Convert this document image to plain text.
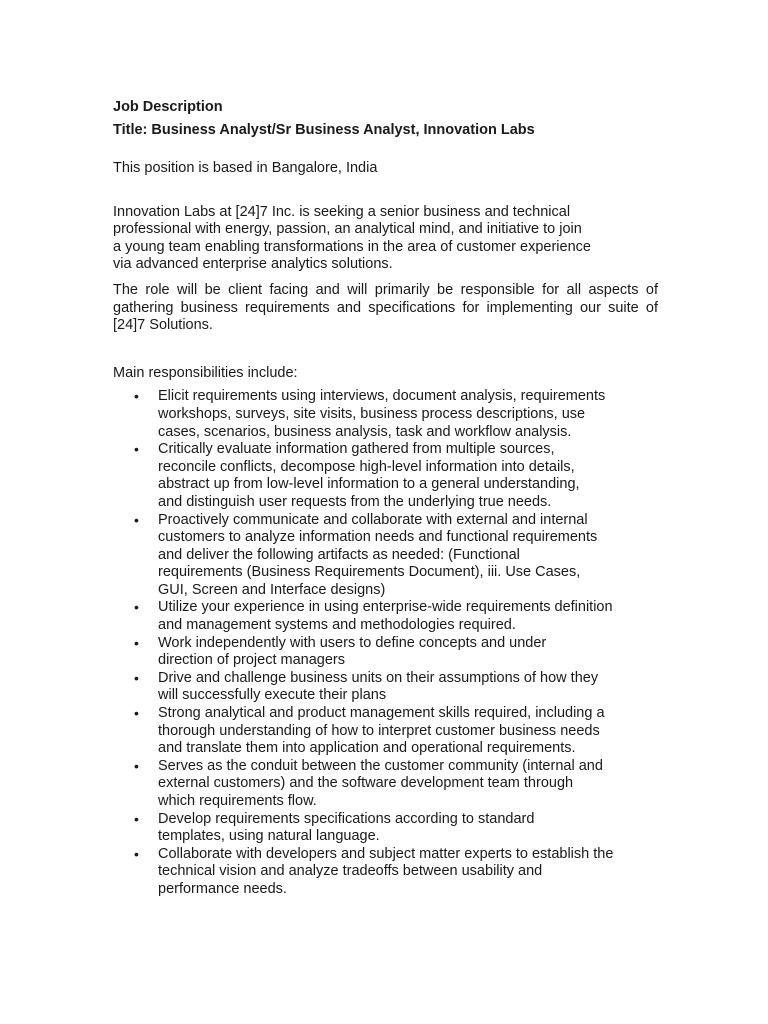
Job Description

Title: Business Analyst/Sr Business Analyst, Innovation Labs

This position is based in Bangalore, India

Innovation Labs at [24]7 Inc. is seeking a senior business and technical professional with energy, passion, an analytical mind, and initiative to join a young team enabling transformations in the area of customer experience via advanced enterprise analytics solutions.

The role will be client facing and will primarily be responsible for all aspects of gathering business requirements and specifications for implementing our suite of [24]7 Solutions.

Main responsibilities include:

• Elicit requirements using interviews, document analysis, requirements workshops, surveys, site visits, business process descriptions, use cases, scenarios, business analysis, task and workflow analysis.
• Critically evaluate information gathered from multiple sources, reconcile conflicts, decompose high-level information into details, abstract up from low-level information to a general understanding, and distinguish user requests from the underlying true needs.
• Proactively communicate and collaborate with external and internal customers to analyze information needs and functional requirements and deliver the following artifacts as needed: (Functional requirements (Business Requirements Document), iii. Use Cases, GUI, Screen and Interface designs)
• Utilize your experience in using enterprise-wide requirements definition and management systems and methodologies required.
• Work independently with users to define concepts and under direction of project managers
• Drive and challenge business units on their assumptions of how they will successfully execute their plans
• Strong analytical and product management skills required, including a thorough understanding of how to interpret customer business needs and translate them into application and operational requirements.
• Serves as the conduit between the customer community (internal and external customers) and the software development team through which requirements flow.
• Develop requirements specifications according to standard templates, using natural language.
• Collaborate with developers and subject matter experts to establish the technical vision and analyze tradeoffs between usability and performance needs.
